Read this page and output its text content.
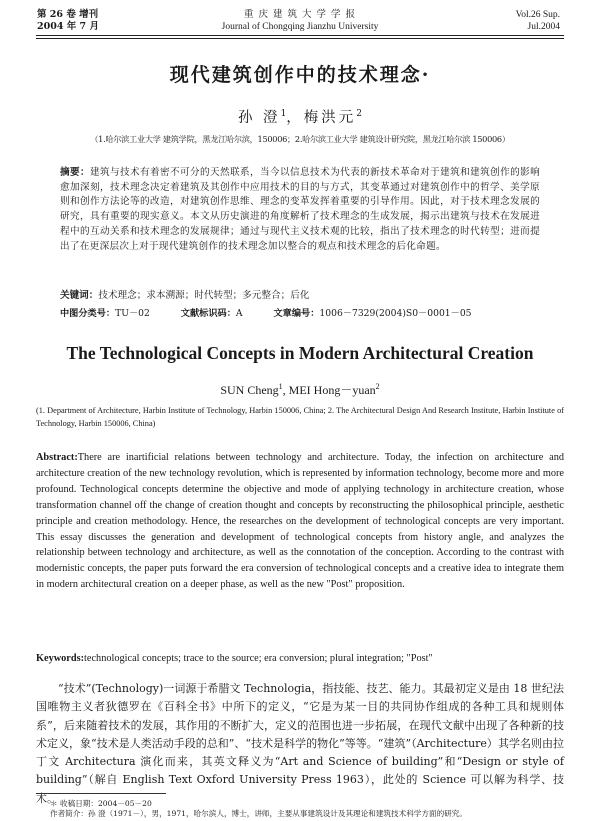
第 26 卷 增刊
2004 年 7 月
重 庆 建 筑 大 学 学 报
Journal of Chongqing Jianzhu University
Vol.26 Sup.
Jul.2004
现代建筑创作中的技术理念·
孙 澄$^1$，梅洪元$^2$
（1.哈尔滨工业大学 建筑学院，黑龙江哈尔滨，150006；2.哈尔滨工业大学 建筑设计研究院，黑龙江哈尔滨 150006）
摘要：建筑与技术有着密不可分的天然联系，当今以信息技术为代表的新技术革命对于建筑和建筑创作的影响愈加深刻，技术理念决定着建筑及其创作中应用技术的目的与方式，其变革通过对建筑创作中的哲学、美学原则和创作方法论等的改造，对建筑创作思维、理念的变革发挥着重要的引导作用。因此，对于技术理念发展的研究，具有重要的现实意义。本文从历史演进的角度解析了技术理念的生成发展，揭示出建筑与技术在发展进程中的互动关系和技术理念的发展规律；通过与现代主义技术观的比较，指出了技术理念的时代转型；进而提出了在更深层次上对于现代建筑创作的技术理念加以整合的观点和技术理念的后化命题。
关键词：技术理念；求本溯源；时代转型；多元整合；后化
中图分类号：TU－02	文献标识码：A	文章编号：1006－7329(2004)S0－0001－05
The Technological Concepts in Modern Architectural Creation
SUN Cheng$^1$, MEI Hong－yuan$^2$
(1. Department of Architecture, Harbin Institute of Technology, Harbin 150006, China; 2. The Architectural Design And Research Institute, Harbin Institute of Technology, Harbin 150006, China)
Abstract:There are inartificial relations between technology and architecture. Today, the infection on architecture and architecture creation of the new technology revolution, which is represented by information technology, become more and more profound. Technological concepts determine the objective and mode of applying technology in architecture creation, whose transformation channel off the change of creation thought and concepts by reconstructing the philosophical principle, aesthetic principle and creation methodology. Hence, the researches on the development of technological concepts are very important. This essay discusses the generation and development of technological concepts from history angle, and analyzes the relationship between technology and architecture, as well as the connotation of the conception. According to the contrast with modernistic concepts, the paper puts forward the era conversion of technological concepts and a creative idea to integrate them in modern architectural creation on a deeper phase, as well as the new "Post" proposition.
Keywords:technological concepts; trace to the source; era conversion; plural integration; "Post"
“技术”(Technology)一词源于希腊文 Technologia，指技能、技艺、能力。其最初定义是由 18 世纪法国唯物主义者狄德罗在《百科全书》中所下的定义，“它是为某一目的共同协作组成的各种工具和规则体系”，后来随着技术的发展，其作用的不断扩大，定义的范围也进一步拓展，在现代文献中出现了各种新的技术定义，象“技术是人类活动手段的总和”、“技术是科学的物化”等等。“建筑”（Architecture）其学名则由拉丁文 Architectura 演化而来，其英文释义为“Art and Science of building”和“Design or style of building”（解自 English Text Oxford University Press 1963），此处的 Science 可以解为科学、技术。
＊ 收稿日期：2004－05－20
作者简介：孙 澄（1971－），男，1971，哈尔滨人，博士，讲师，主要从事建筑设计及其理论和建筑技术科学方面的研究。
